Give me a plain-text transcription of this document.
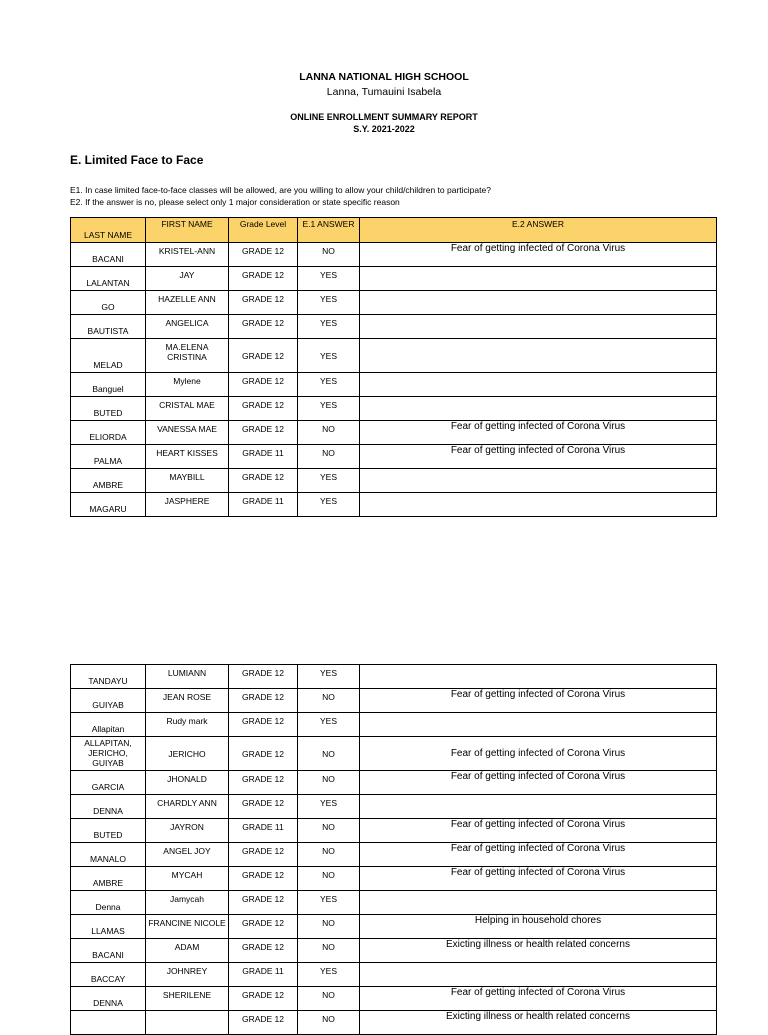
LANNA NATIONAL HIGH SCHOOL
Lanna, Tumauini Isabela
ONLINE ENROLLMENT SUMMARY REPORT
S.Y. 2021-2022
E. Limited Face to Face
E1. In case limited face-to-face classes will be allowed, are you willing to allow your child/children to participate?
E2. If the answer is no, please select only 1 major consideration or state specific reason
LAST NAME	FIRST NAME	Grade Level	E.1 ANSWER	E.2 ANSWER
BACANI	KRISTEL-ANN	GRADE 12	NO	Fear of getting infected of Corona Virus
LALANTAN	JAY	GRADE 12	YES	
GO	HAZELLE ANN	GRADE 12	YES	
BAUTISTA	ANGELICA	GRADE 12	YES	
MELAD	MA.ELENA CRISTINA	GRADE 12	YES	
Banguel	Mylene	GRADE 12	YES	
BUTED	CRISTAL MAE	GRADE 12	YES	
ELIORDA	VANESSA MAE	GRADE 12	NO	Fear of getting infected of Corona Virus
PALMA	HEART KISSES	GRADE 11	NO	Fear of getting infected of Corona Virus
AMBRE	MAYBILL	GRADE 12	YES	
MAGARU	JASPHERE	GRADE 11	YES	
TANDAYU	LUMIANN	GRADE 12	YES	
GUIYAB	JEAN ROSE	GRADE 12	NO	Fear of getting infected of Corona Virus
Allapitan	Rudy mark	GRADE 12	YES	
ALLAPITAN, JERICHO, GUIYAB	JERICHO	GRADE 12	NO	Fear of getting infected of Corona Virus
GARCIA	JHONALD	GRADE 12	NO	Fear of getting infected of Corona Virus
DENNA	CHARDLY ANN	GRADE 12	YES	
BUTED	JAYRON	GRADE 11	NO	Fear of getting infected of Corona Virus
MANALO	ANGEL JOY	GRADE 12	NO	Fear of getting infected of Corona Virus
AMBRE	MYCAH	GRADE 12	NO	Fear of getting infected of Corona Virus
Denna	Jamycah	GRADE 12	YES	
LLAMAS	FRANCINE NICOLE	GRADE 12	NO	Helping in household chores
BACANI	ADAM	GRADE 12	NO	Exicting illness or health related concerns
BACCAY	JOHNREY	GRADE 11	YES	
DENNA	SHERILENE	GRADE 12	NO	Fear of getting infected of Corona Virus
		GRADE 12	NO	Exicting illness or health related concerns
